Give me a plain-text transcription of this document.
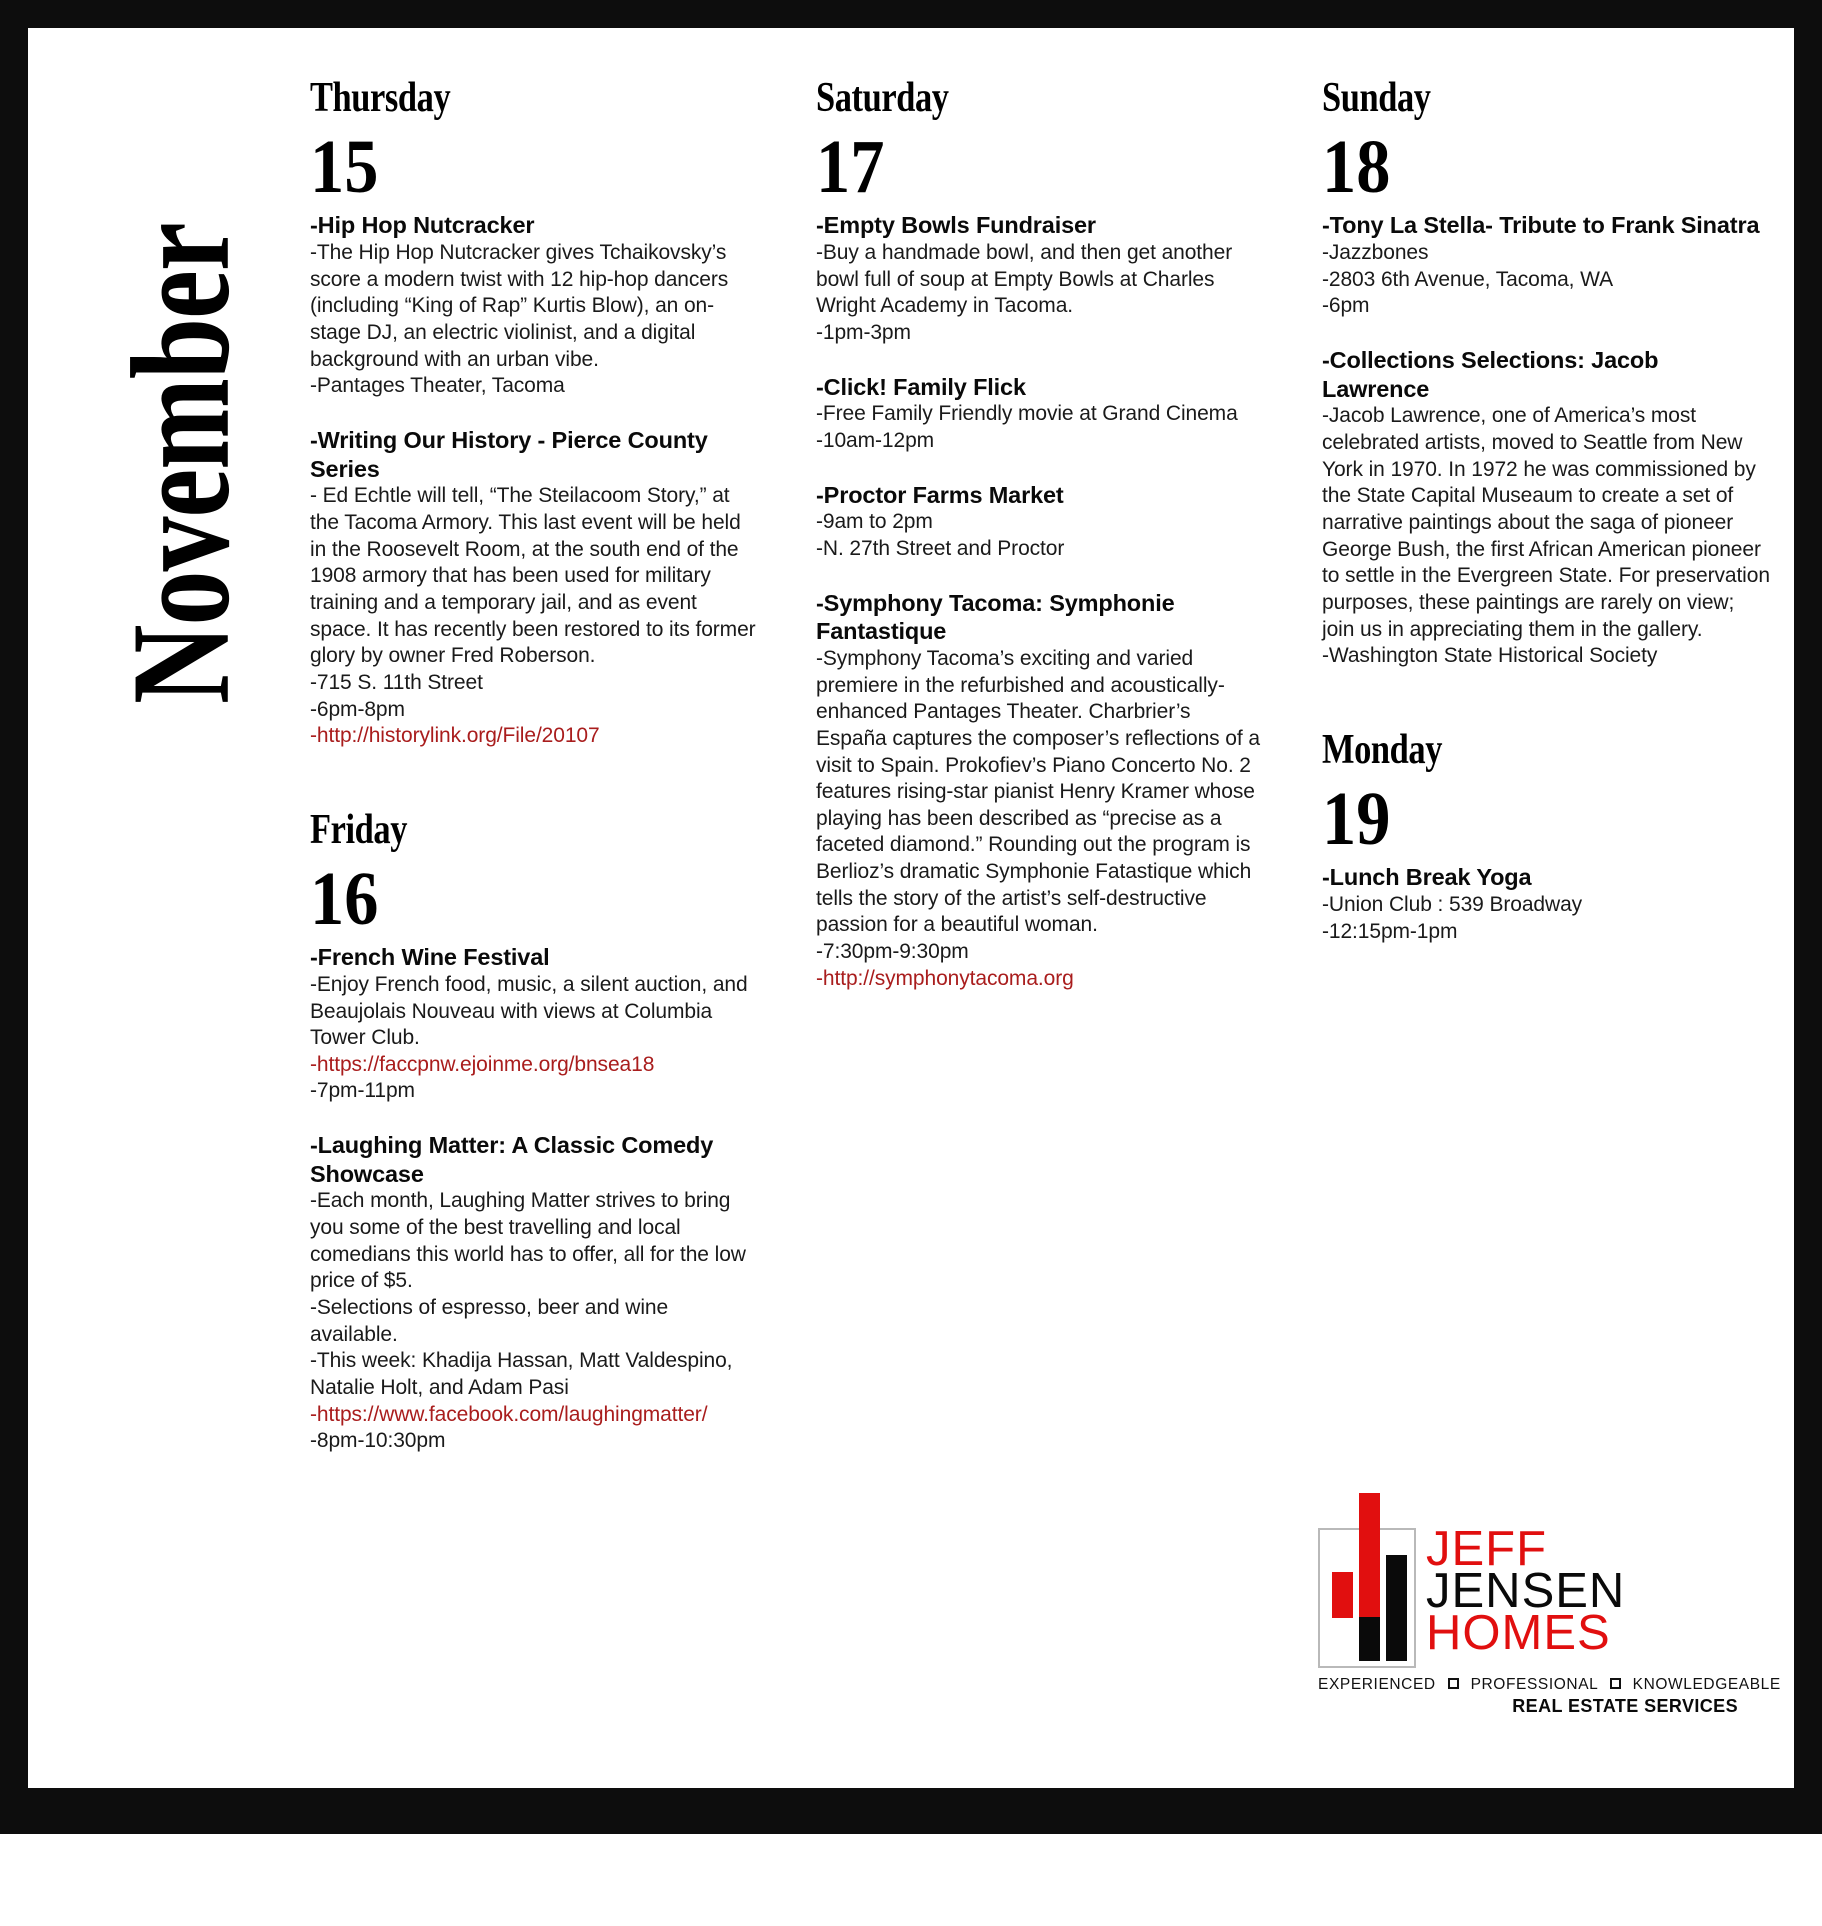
November
Thursday
15
-Hip Hop Nutcracker
-The Hip Hop Nutcracker gives Tchaikovsky’s score a modern twist with 12 hip-hop dancers (including “King of Rap” Kurtis Blow), an on-stage DJ, an electric violinist, and a digital background with an urban vibe.
-Pantages Theater, Tacoma
-Writing Our History - Pierce County Series
- Ed Echtle will tell, “The Steilacoom Story,” at the Tacoma Armory. This last event will be held in the Roosevelt Room, at the south end of the 1908 armory that has been used for military training and a temporary jail, and as event space. It has recently been restored to its former glory by owner Fred Roberson.
-715 S. 11th Street
-6pm-8pm
-http://historylink.org/File/20107
Friday
16
-French Wine Festival
-Enjoy French food, music, a silent auction, and Beaujolais Nouveau with views at Columbia Tower Club.
-https://faccpnw.ejoinme.org/bnsea18
-7pm-11pm
-Laughing Matter: A Classic Comedy Showcase
-Each month, Laughing Matter strives to bring you some of the best travelling and local comedians this world has to offer, all for the low price of $5.
-Selections of espresso, beer and wine available.
-This week: Khadija Hassan, Matt Valdespino, Natalie Holt, and Adam Pasi
-https://www.facebook.com/laughingmatter/
-8pm-10:30pm
Saturday
17
-Empty Bowls Fundraiser
-Buy a handmade bowl, and then get another bowl full of soup at Empty Bowls at Charles Wright Academy in Tacoma.
-1pm-3pm
-Click! Family Flick
-Free Family Friendly movie at Grand Cinema
-10am-12pm
-Proctor Farms Market
-9am to 2pm
-N. 27th Street and Proctor
-Symphony Tacoma: Symphonie Fantastique
-Symphony Tacoma’s exciting and varied premiere in the refurbished and acoustically-enhanced Pantages Theater. Charbrier’s España captures the composer’s reflections of a visit to Spain. Prokofiev’s Piano Concerto No. 2 features rising-star pianist Henry Kramer whose playing has been described as “precise as a faceted diamond.” Rounding out the program is Berlioz’s dramatic Symphonie Fatastique which tells the story of the artist’s self-destructive passion for a beautiful woman.
-7:30pm-9:30pm
-http://symphonytacoma.org
Sunday
18
-Tony La Stella- Tribute to Frank Sinatra
-Jazzbones
-2803 6th Avenue, Tacoma, WA
-6pm
-Collections Selections: Jacob Lawrence
-Jacob Lawrence, one of America’s most celebrated artists, moved to Seattle from New York in 1970. In 1972 he was commissioned by the State Capital Museaum to create a set of narrative paintings about the saga of pioneer George Bush, the first African American pioneer to settle in the Evergreen State. For preservation purposes, these paintings are rarely on view; join us in appreciating them in the gallery.
-Washington State Historical Society
Monday
19
-Lunch Break Yoga
-Union Club : 539 Broadway
-12:15pm-1pm
JEFF
JENSEN
HOMES
EXPERIENCED PROFESSIONAL KNOWLEDGEABLE
REAL ESTATE SERVICES
